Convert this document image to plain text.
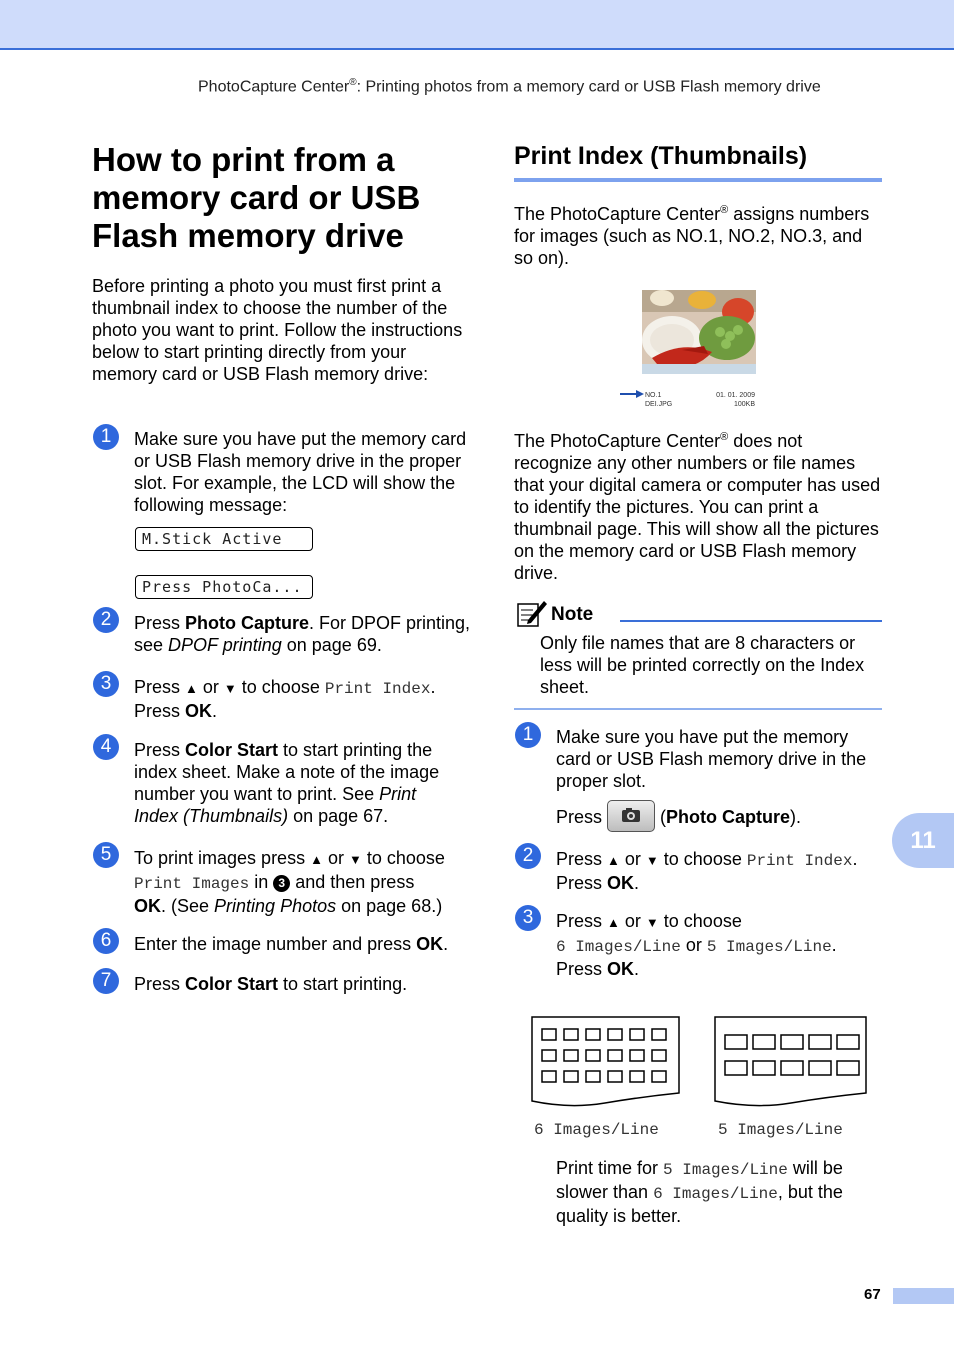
PhotoCapture Center®: Printing photos from a memory card or USB Flash memory drive
How to print from a memory card or USB Flash memory drive
Before printing a photo you must first print a thumbnail index to choose the number of the photo you want to print. Follow the instructions below to start printing directly from your memory card or USB Flash memory drive:
1	Make sure you have put the memory card or USB Flash memory drive in the proper slot. For example, the LCD will show the following message:
M.Stick Active
Press PhotoCa...
2	Press Photo Capture. For DPOF printing, see DPOF printing on page 69.
3	Press ▲ or ▼ to choose Print Index.
Press OK.
4	Press Color Start to start printing the index sheet. Make a note of the image number you want to print. See Print Index (Thumbnails) on page 67.
5	To print images press ▲ or ▼ to choose
Print Images in 3 and then press
OK. (See Printing Photos on page 68.)
6	Enter the image number and press OK.
7	Press Color Start to start printing.
Print Index (Thumbnails)
The PhotoCapture Center® assigns numbers for images (such as NO.1, NO.2, NO.3, and so on).
NO.1
DEI.JPG
01. 01. 2009
100KB
The PhotoCapture Center® does not recognize any other numbers or file names that your digital camera or computer has used to identify the pictures. You can print a thumbnail page. This will show all the pictures on the memory card or USB Flash memory drive.
Note
Only file names that are 8 characters or less will be printed correctly on the Index sheet.
1	Make sure you have put the memory card or USB Flash memory drive in the proper slot.
Press	(Photo Capture).
11
2	Press ▲ or ▼ to choose Print Index.
Press OK.
3	Press ▲ or ▼ to choose
6 Images/Line or 5 Images/Line.
Press OK.
6 Images/Line	5 Images/Line
Print time for 5 Images/Line will be slower than 6 Images/Line, but the quality is better.
67
